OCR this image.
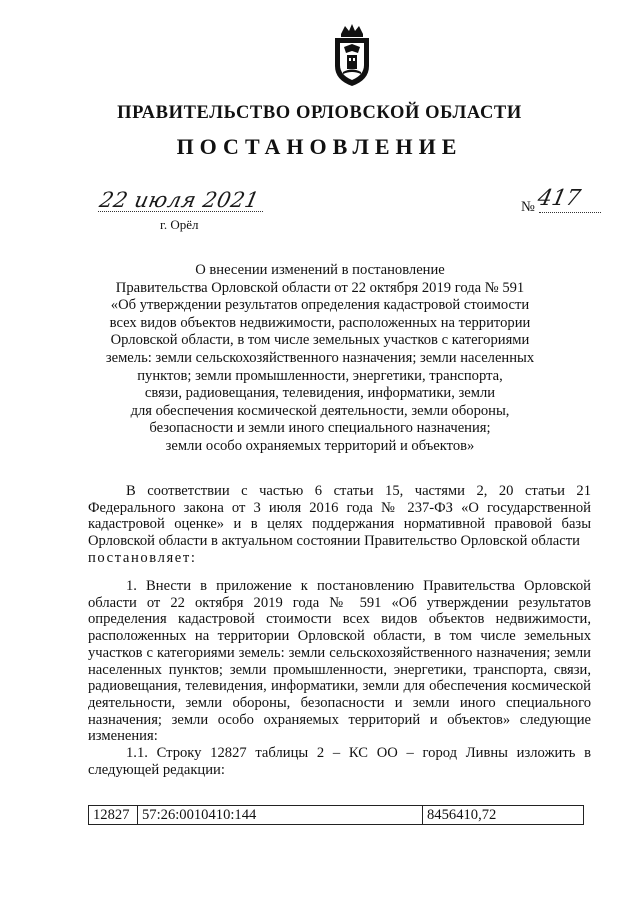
ПРАВИТЕЛЬСТВО ОРЛОВСКОЙ ОБЛАСТИ
ПОСТАНОВЛЕНИЕ
22 июля 2021
г. Орёл
№ 417
О внесении изменений в постановление
Правительства Орловской области от 22 октября 2019 года № 591
«Об утверждении результатов определения кадастровой стоимости
всех видов объектов недвижимости, расположенных на территории
Орловской области, в том числе земельных участков с категориями
земель: земли сельскохозяйственного назначения; земли населенных
пунктов; земли промышленности, энергетики, транспорта,
связи, радиовещания, телевидения, информатики, земли
для обеспечения космической деятельности, земли обороны,
безопасности и земли иного специального назначения;
земли особо охраняемых территорий и объектов»

В соответствии с частью 6 статьи 15, частями 2, 20 статьи 21 Федерального закона от 3 июля 2016 года № 237-ФЗ «О государственной кадастровой оценке» и в целях поддержания нормативной правовой базы Орловской области в актуальном состоянии Правительство Орловской области

постановляет:

1. Внести в приложение к постановлению Правительства Орловской области от 22 октября 2019 года № 591 «Об утверждении результатов определения кадастровой стоимости всех видов объектов недвижимости, расположенных на территории Орловской области, в том числе земельных участков с категориями земель: земли сельскохозяйственного назначения; земли населенных пунктов; земли промышленности, энергетики, транспорта, связи, радиовещания, телевидения, информатики, земли для обеспечения космической деятельности, земли обороны, безопасности и земли иного специального назначения; земли особо охраняемых территорий и объектов» следующие изменения:

1.1. Строку 12827 таблицы 2 – КС ОО – город Ливны изложить в следующей редакции:

12827	57:26:0010410:144	8456410,72
